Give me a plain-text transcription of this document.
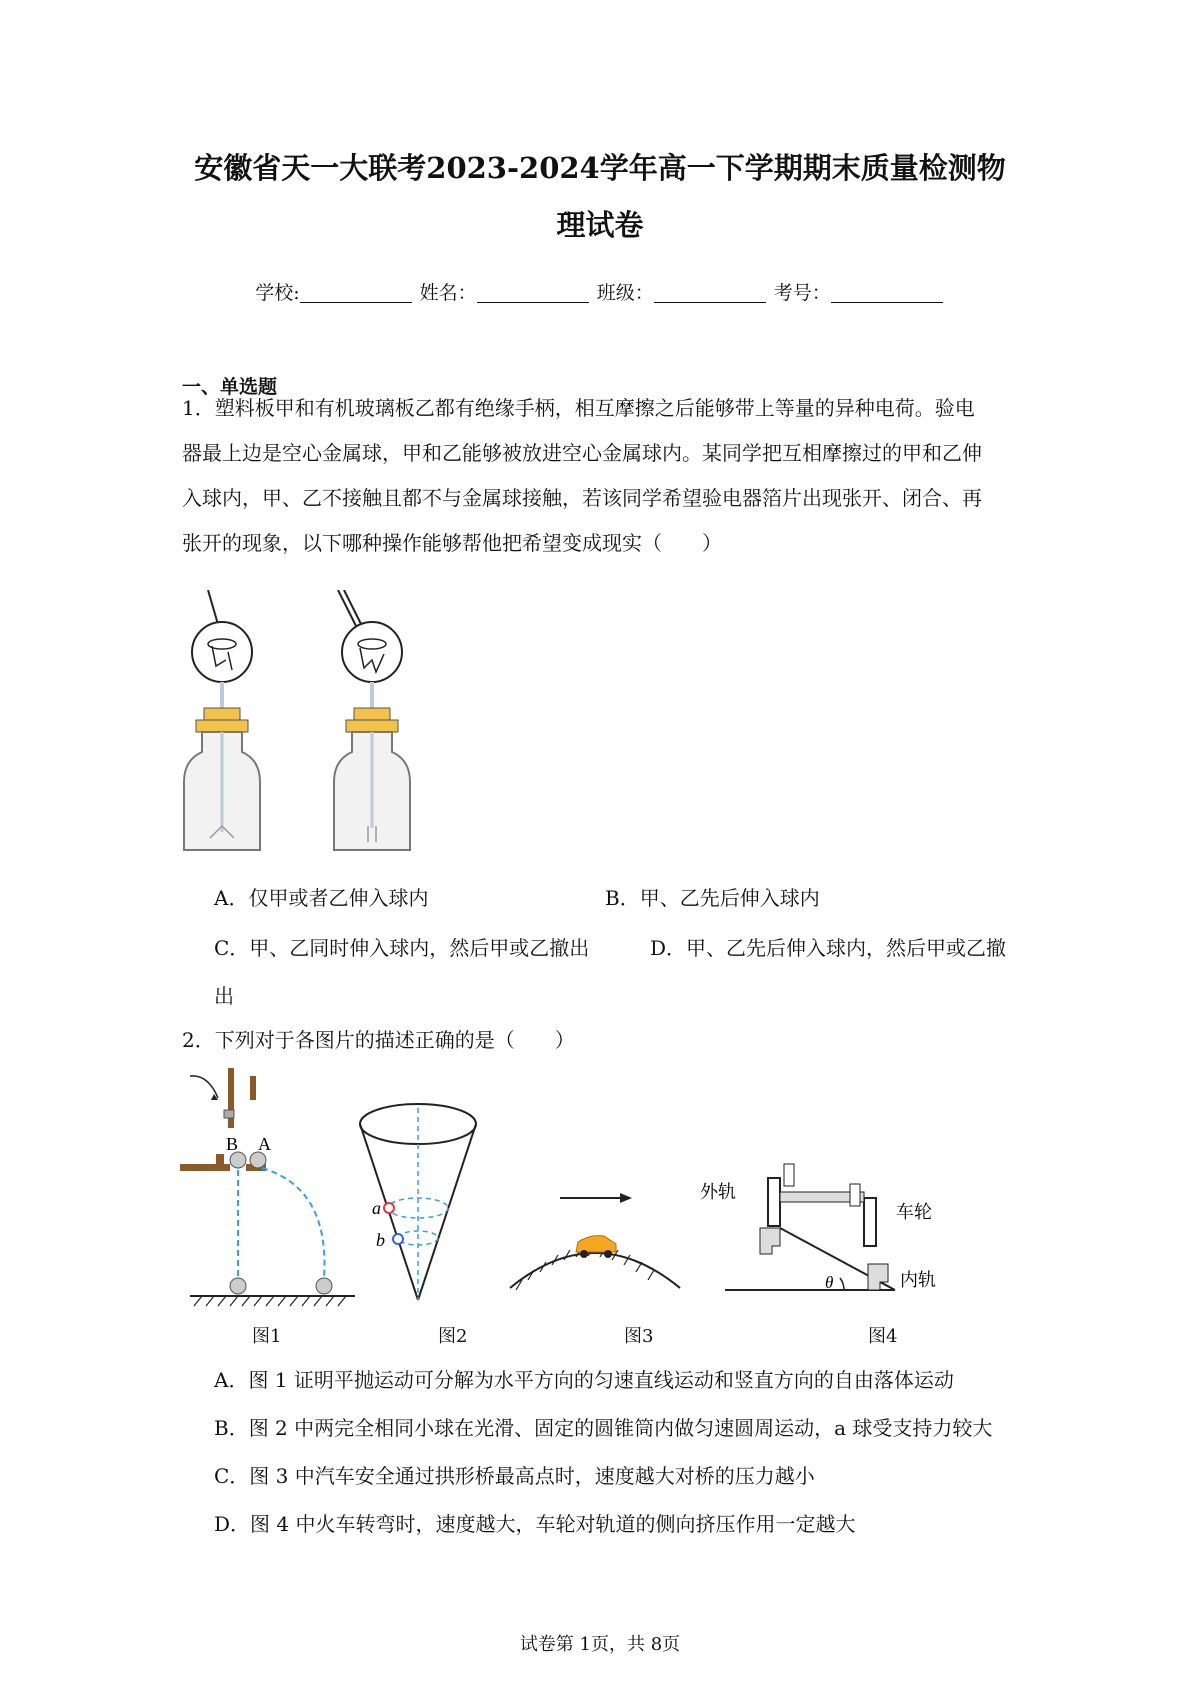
安徽省天一大联考2023-2024学年高一下学期期末质量检测物
理试卷
学校:	姓名：	班级：	考号：
一、单选题
1．塑料板甲和有机玻璃板乙都有绝缘手柄，相互摩擦之后能够带上等量的异种电荷。验电
器最上边是空心金属球，甲和乙能够被放进空心金属球内。某同学把互相摩擦过的甲和乙伸
入球内，甲、乙不接触且都不与金属球接触，若该同学希望验电器箔片出现张开、闭合、再
张开的现象，以下哪种操作能够帮他把希望变成现实（　　）
A．仅甲或者乙伸入球内	B．甲、乙先后伸入球内
C．甲、乙同时伸入球内，然后甲或乙撤出	D．甲、乙先后伸入球内，然后甲或乙撤
出
2．下列对于各图片的描述正确的是（　　）
B A
a
b
外轨
车轮
内轨
θ
图1	图2	图3	图4
A．图 1 证明平抛运动可分解为水平方向的匀速直线运动和竖直方向的自由落体运动
B．图 2 中两完全相同小球在光滑、固定的圆锥筒内做匀速圆周运动，a 球受支持力较大
C．图 3 中汽车安全通过拱形桥最高点时，速度越大对桥的压力越小
D．图 4 中火车转弯时，速度越大，车轮对轨道的侧向挤压作用一定越大
试卷第 1页，共 8页
